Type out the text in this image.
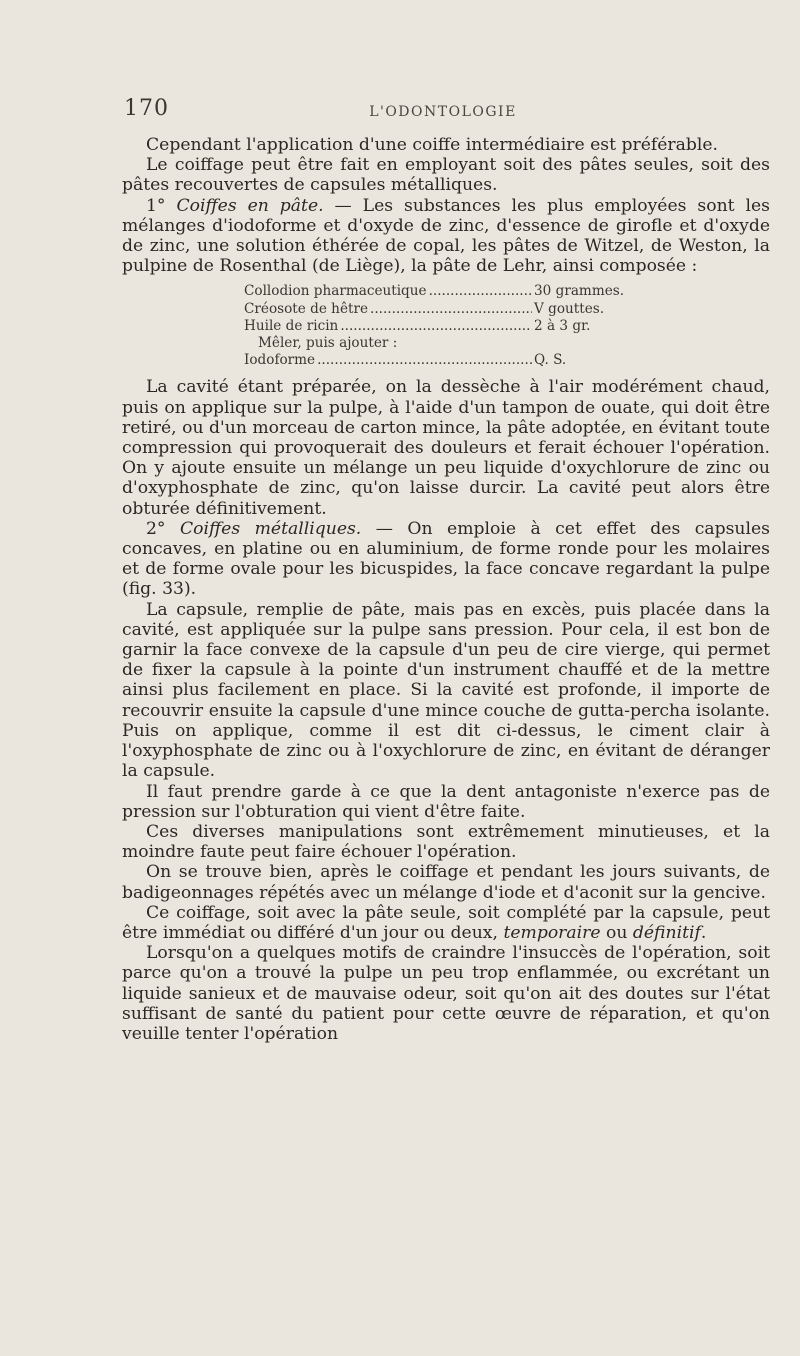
170	L'ODONTOLOGIE

Cependant l'application d'une coiffe intermédiaire est préférable.

Le coiffage peut être fait en employant soit des pâtes seules, soit des pâtes recouvertes de capsules métalliques.

1° Coiffes en pâte. — Les substances les plus employées sont les mélanges d'iodoforme et d'oxyde de zinc, d'essence de girofle et d'oxyde de zinc, une solution éthérée de copal, les pâtes de Witzel, de Weston, la pulpine de Rosenthal (de Liège), la pâte de Lehr, ainsi composée :

Collodion pharmaceutique .....	30 grammes.
Créosote de hêtre .....	V gouttes.
Huile de ricin .....	2 à 3 gr.
Mêler, puis ajouter :
Iodoforme .....	Q. S.

La cavité étant préparée, on la dessèche à l'air modérément chaud, puis on applique sur la pulpe, à l'aide d'un tampon de ouate, qui doit être retiré, ou d'un morceau de carton mince, la pâte adoptée, en évitant toute compression qui provoquerait des douleurs et ferait échouer l'opération. On y ajoute ensuite un mélange un peu liquide d'oxychlorure de zinc ou d'oxyphosphate de zinc, qu'on laisse durcir. La cavité peut alors être obturée définitivement.

2° Coiffes métalliques. — On emploie à cet effet des capsules concaves, en platine ou en aluminium, de forme ronde pour les molaires et de forme ovale pour les bicuspides, la face concave regardant la pulpe (fig. 33).

La capsule, remplie de pâte, mais pas en excès, puis placée dans la cavité, est appliquée sur la pulpe sans pression. Pour cela, il est bon de garnir la face convexe de la capsule d'un peu de cire vierge, qui permet de fixer la capsule à la pointe d'un instrument chauffé et de la mettre ainsi plus facilement en place. Si la cavité est profonde, il importe de recouvrir ensuite la capsule d'une mince couche de gutta-percha isolante. Puis on applique, comme il est dit ci-dessus, le ciment clair à l'oxyphosphate de zinc ou à l'oxychlorure de zinc, en évitant de déranger la capsule.

Il faut prendre garde à ce que la dent antagoniste n'exerce pas de pression sur l'obturation qui vient d'être faite.

Ces diverses manipulations sont extrêmement minutieuses, et la moindre faute peut faire échouer l'opération.

On se trouve bien, après le coiffage et pendant les jours suivants, de badigeonnages répétés avec un mélange d'iode et d'aconit sur la gencive.

Ce coiffage, soit avec la pâte seule, soit complété par la capsule, peut être immédiat ou différé d'un jour ou deux, temporaire ou définitif.

Lorsqu'on a quelques motifs de craindre l'insuccès de l'opération, soit parce qu'on a trouvé la pulpe un peu trop enflammée, ou excrétant un liquide sanieux et de mauvaise odeur, soit qu'on ait des doutes sur l'état suffisant de santé du patient pour cette œuvre de réparation, et qu'on veuille tenter l'opération
